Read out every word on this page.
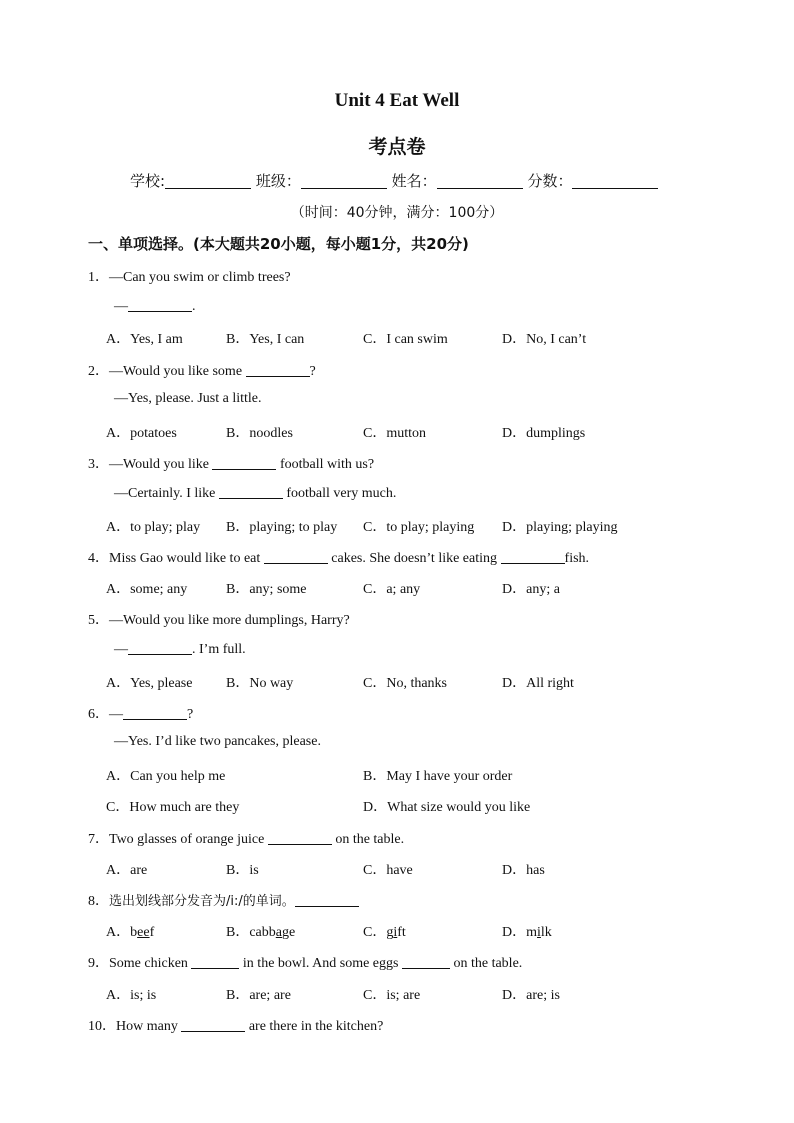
Unit 4 Eat Well
考点卷
学校:	班级：	姓名：	分数：
（时间：40分钟，满分：100分）
一、单项选择。(本大题共20小题，每小题1分，共20分)
1．—Can you swim or climb trees?
—	.
A．Yes, I am	B．Yes, I can	C．I can swim	D．No, I can’t
2．—Would you like some	?
—Yes, please. Just a little.
A．potatoes	B．noodles	C．mutton	D．dumplings
3．—Would you like	football with us?
—Certainly. I like	football very much.
A．to play; play B．playing; to play C．to play; playing D．playing; playing
4．Miss Gao would like to eat	cakes. She doesn’t like eating	fish.
A．some; any	B．any; some	C．a; any	D．any; a
5．—Would you like more dumplings, Harry?
—	. I’m full.
A．Yes, please B．No way	C．No, thanks	D．All right
6．—	?
—Yes. I’d like two pancakes, please.
A．Can you help me	B．May I have your order
C．How much are they	D．What size would you like
7．Two glasses of orange juice	on the table.
A．are	B．is	C．have	D．has
8．选出划线部分发音为/i:/的单词。
A．beef	B．cabbage	C．gift	D．milk
9．Some chicken	in the bowl. And some eggs	on the table.
A．is; is	B．are; are	C．is; are	D．are; is
10．How many	are there in the kitchen?
